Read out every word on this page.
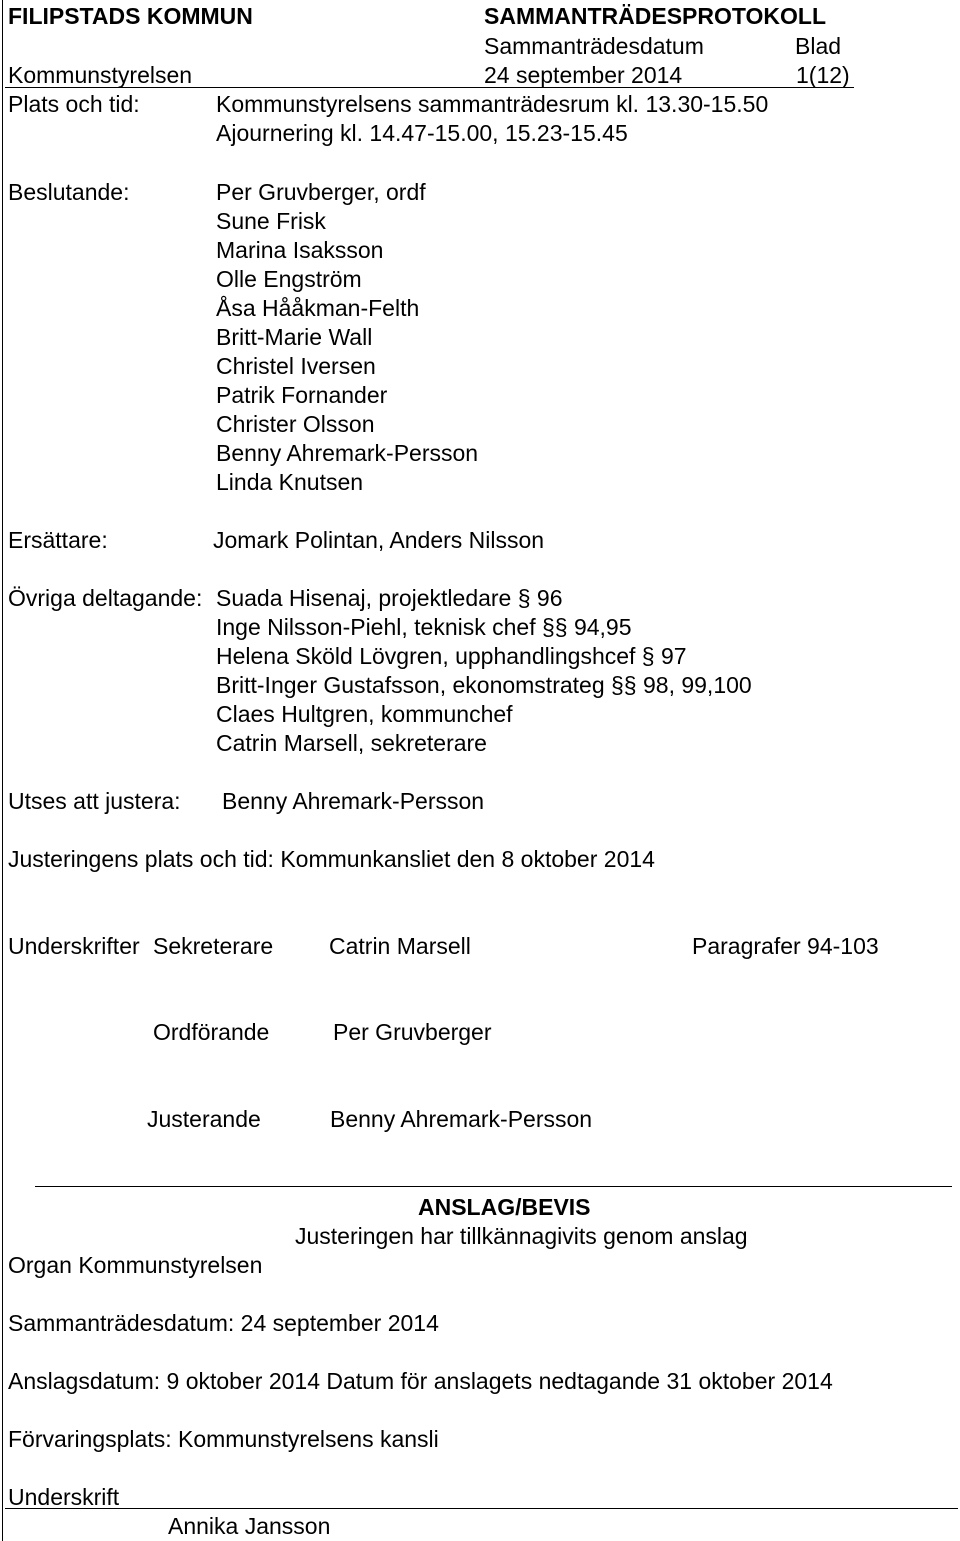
FILIPSTADS KOMMUN	SAMMANTRÄDESPROTOKOLL
Sammanträdesdatum	Blad
Kommunstyrelsen	24 september 2014	1(12)
Plats och tid:	Kommunstyrelsens sammanträdesrum kl. 13.30-15.50
Ajournering kl. 14.47-15.00, 15.23-15.45
Beslutande:	Per Gruvberger, ordf
Sune Frisk
Marina Isaksson
Olle Engström
Åsa Hååkman-Felth
Britt-Marie Wall
Christel Iversen
Patrik Fornander
Christer Olsson
Benny Ahremark-Persson
Linda Knutsen
Ersättare:	Jomark Polintan, Anders Nilsson
Övriga deltagande: Suada Hisenaj, projektledare § 96
Inge Nilsson-Piehl, teknisk chef §§ 94,95
Helena Sköld Lövgren, upphandlingshcef § 97
Britt-Inger Gustafsson, ekonomstrateg §§ 98, 99,100
Claes Hultgren, kommunchef
Catrin Marsell, sekreterare
Utses att justera: Benny Ahremark-Persson
Justeringens plats och tid: Kommunkansliet den 8 oktober 2014
Underskrifter Sekreterare Catrin Marsell	Paragrafer 94-103
Ordförande	Per Gruvberger
Justerande	Benny Ahremark-Persson
ANSLAG/BEVIS
Justeringen har tillkännagivits genom anslag
Organ Kommunstyrelsen
Sammanträdesdatum: 24 september 2014
Anslagsdatum: 9 oktober 2014 Datum för anslagets nedtagande 31 oktober 2014
Förvaringsplats: Kommunstyrelsens kansli
Underskrift
Annika Jansson
